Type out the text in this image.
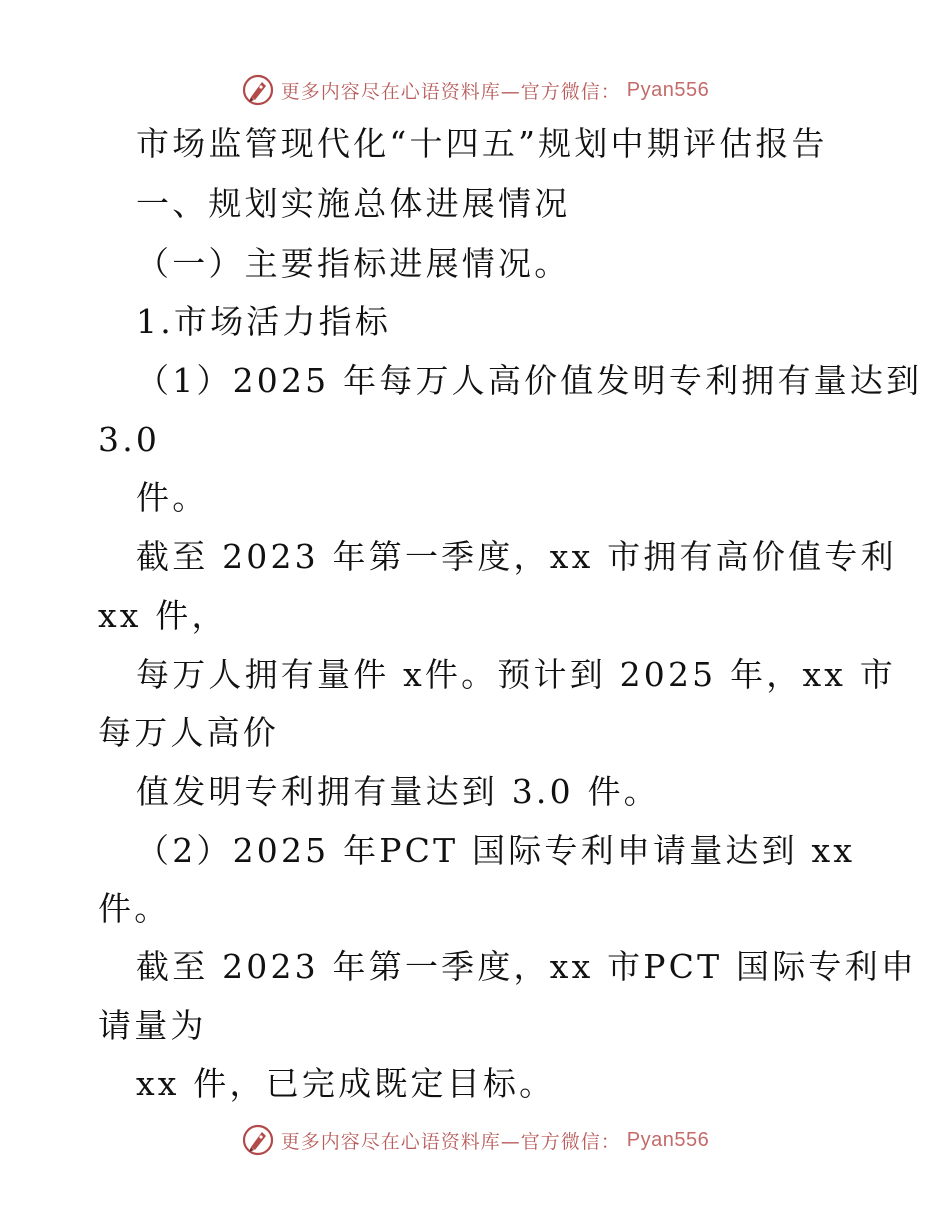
更多内容尽在心语资料库—官方微信： Pyan556
市场监管现代化“十四五”规划中期评估报告
一、规划实施总体进展情况
（一）主要指标进展情况。
1.市场活力指标
（1）2025 年每万人高价值发明专利拥有量达到
3.0
件。
截至 2023 年第一季度，xx 市拥有高价值专利
xx 件，
每万人拥有量件 x件。预计到 2025 年，xx 市
每万人高价
值发明专利拥有量达到 3.0 件。
（2）2025 年PCT 国际专利申请量达到 xx
件。
截至 2023 年第一季度，xx 市PCT 国际专利申
请量为
xx 件，已完成既定目标。
更多内容尽在心语资料库—官方微信： Pyan556
